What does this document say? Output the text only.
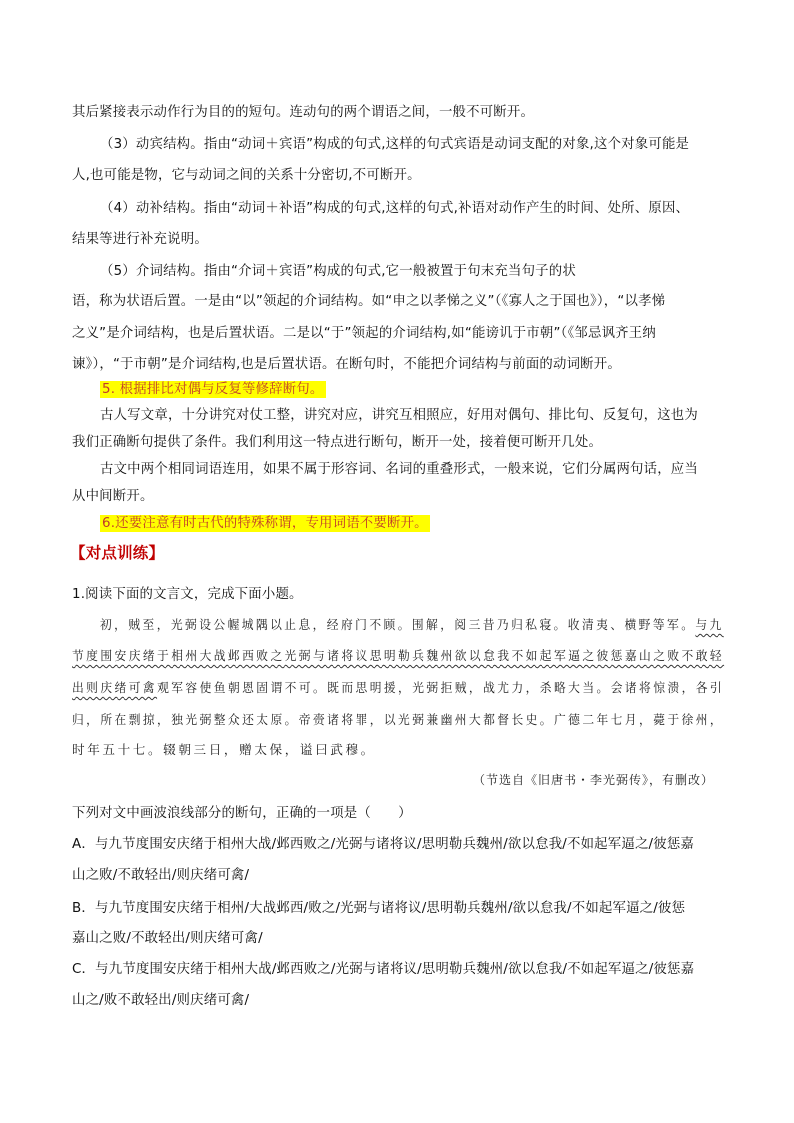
其后紧接表示动作行为目的的短句。连动句的两个谓语之间，一般不可断开。
（3）动宾结构。指由“动词＋宾语”构成的句式,这样的句式宾语是动词支配的对象,这个对象可能是
人,也可能是物，它与动词之间的关系十分密切,不可断开。
（4）动补结构。指由“动词＋补语”构成的句式,这样的句式,补语对动作产生的时间、处所、原因、
结果等进行补充说明。
（5）介词结构。指由“介词＋宾语”构成的句式,它一般被置于句末充当句子的状
语，称为状语后置。一是由“以”领起的介词结构。如“申之以孝悌之义”（《寡人之于国也》），“以孝悌
之义”是介词结构，也是后置状语。二是以“于”领起的介词结构,如“能谤讥于市朝”（《邹忌讽齐王纳
谏》），“于市朝”是介词结构,也是后置状语。在断句时，不能把介词结构与前面的动词断开。
5. 根据排比对偶与反复等修辞断句。
古人写文章，十分讲究对仗工整，讲究对应，讲究互相照应，好用对偶句、排比句、反复句，这也为
我们正确断句提供了条件。我们利用这一特点进行断句，断开一处，接着便可断开几处。
古文中两个相同词语连用，如果不属于形容词、名词的重叠形式，一般来说，它们分属两句话，应当
从中间断开。
6.还要注意有时古代的特殊称谓，专用词语不要断开。
【对点训练】
1.阅读下面的文言文，完成下面小题。
初，贼至，光弼设公幄城隅以止息，经府门不顾。围解，阅三昔乃归私寝。收清夷、横野等军。与九
节度围安庆绪于相州大战邺西败之光弼与诸将议思明勒兵魏州欲以怠我不如起军逼之彼惩嘉山之败不敢轻
出则庆绪可禽观军容使鱼朝恩固谓不可。既而思明援，光弼拒贼，战尤力，杀略大当。会诸将惊溃，各引
归，所在剽掠，独光弼整众还太原。帝赍诸将罪，以光弼兼幽州大都督长史。广德二年七月，薨于徐州，
时年五十七。辍朝三日，赠太保，谥曰武穆。
（节选自《旧唐书・李光弼传》，有删改）
下列对文中画波浪线部分的断句，正确的一项是（　　）
A．与九节度围安庆绪于相州大战/邺西败之/光弼与诸将议/思明勒兵魏州/欲以怠我/不如起军逼之/彼惩嘉
山之败/不敢轻出/则庆绪可禽/
B．与九节度围安庆绪于相州/大战邺西/败之/光弼与诸将议/思明勒兵魏州/欲以怠我/不如起军逼之/彼惩
嘉山之败/不敢轻出/则庆绪可禽/
C．与九节度围安庆绪于相州大战/邺西败之/光弼与诸将议/思明勒兵魏州/欲以怠我/不如起军逼之/彼惩嘉
山之/败不敢轻出/则庆绪可禽/
